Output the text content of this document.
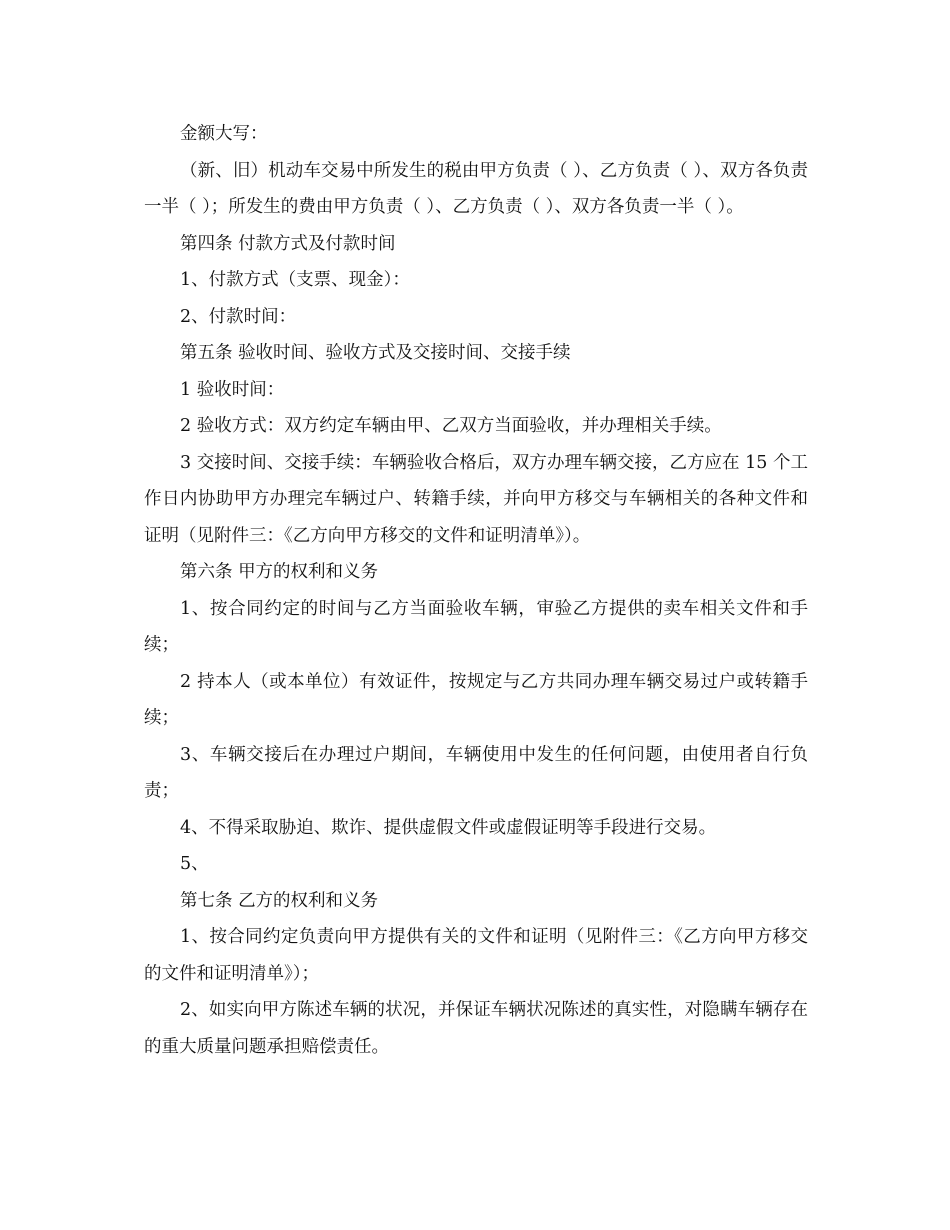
金额大写：

（新、旧）机动车交易中所发生的税由甲方负责（ ）、乙方负责（ ）、双方各负责一半（ ）；所发生的费由甲方负责（ ）、乙方负责（ ）、双方各负责一半（ ）。

第四条 付款方式及付款时间

1、付款方式（支票、现金）：

2、付款时间：

第五条 验收时间、验收方式及交接时间、交接手续

1 验收时间：

2 验收方式：双方约定车辆由甲、乙双方当面验收，并办理相关手续。

3 交接时间、交接手续：车辆验收合格后，双方办理车辆交接，乙方应在 15 个工作日内协助甲方办理完车辆过户、转籍手续，并向甲方移交与车辆相关的各种文件和证明（见附件三：《乙方向甲方移交的文件和证明清单》）。

第六条 甲方的权利和义务

1、按合同约定的时间与乙方当面验收车辆，审验乙方提供的卖车相关文件和手续；

2 持本人（或本单位）有效证件，按规定与乙方共同办理车辆交易过户或转籍手续；

3、车辆交接后在办理过户期间，车辆使用中发生的任何问题，由使用者自行负责；

4、不得采取胁迫、欺诈、提供虚假文件或虚假证明等手段进行交易。

5、

第七条 乙方的权利和义务

1、按合同约定负责向甲方提供有关的文件和证明（见附件三：《乙方向甲方移交的文件和证明清单》）；

2、如实向甲方陈述车辆的状况，并保证车辆状况陈述的真实性，对隐瞒车辆存在的重大质量问题承担赔偿责任。
